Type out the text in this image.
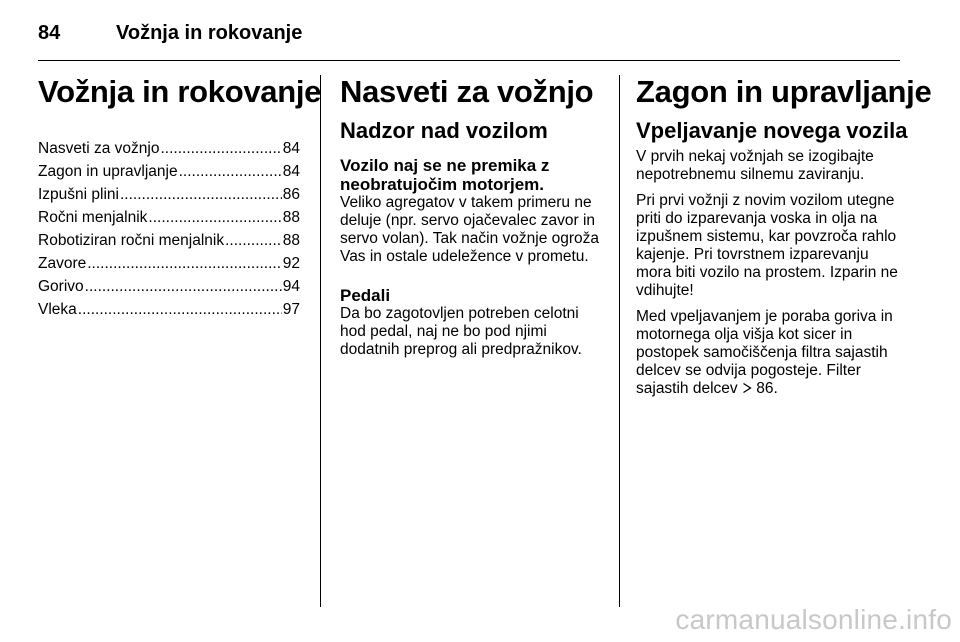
84	Vožnja in rokovanje
Vožnja in rokovanje
Nasveti za vožnjo .....	84
Zagon in upravljanje .....	84
Izpušni plini .....	86
Ročni menjalnik .....	88
Robotiziran ročni menjalnik .....	88
Zavore .....	92
Gorivo .....	94
Vleka .....	97
Nasveti za vožnjo
Nadzor nad vozilom
Vozilo naj se ne premika z neobratujočim motorjem.

Veliko agregatov v takem primeru ne deluje (npr. servo ojačevalec zavor in servo volan). Tak način vožnje ogroža Vas in ostale udeležence v prometu.

Pedali

Da bo zagotovljen potreben celotni hod pedal, naj ne bo pod njimi dodatnih preprog ali predpražnikov.

Zagon in upravljanje
Vpeljavanje novega vozila

V prvih nekaj vožnjah se izogibajte nepotrebnemu silnemu zaviranju.

Pri prvi vožnji z novim vozilom utegne priti do izparevanja voska in olja na izpušnem sistemu, kar povzroča rahlo kajenje. Pri tovrstnem izparevanju mora biti vozilo na prostem. Izparin ne vdihujte!

Med vpeljavanjem je poraba goriva in motornega olja višja kot sicer in postopek samočiščenja filtra sajastih delcev se odvija pogosteje. Filter sajastih delcev 86.

carmanualsonline.info
